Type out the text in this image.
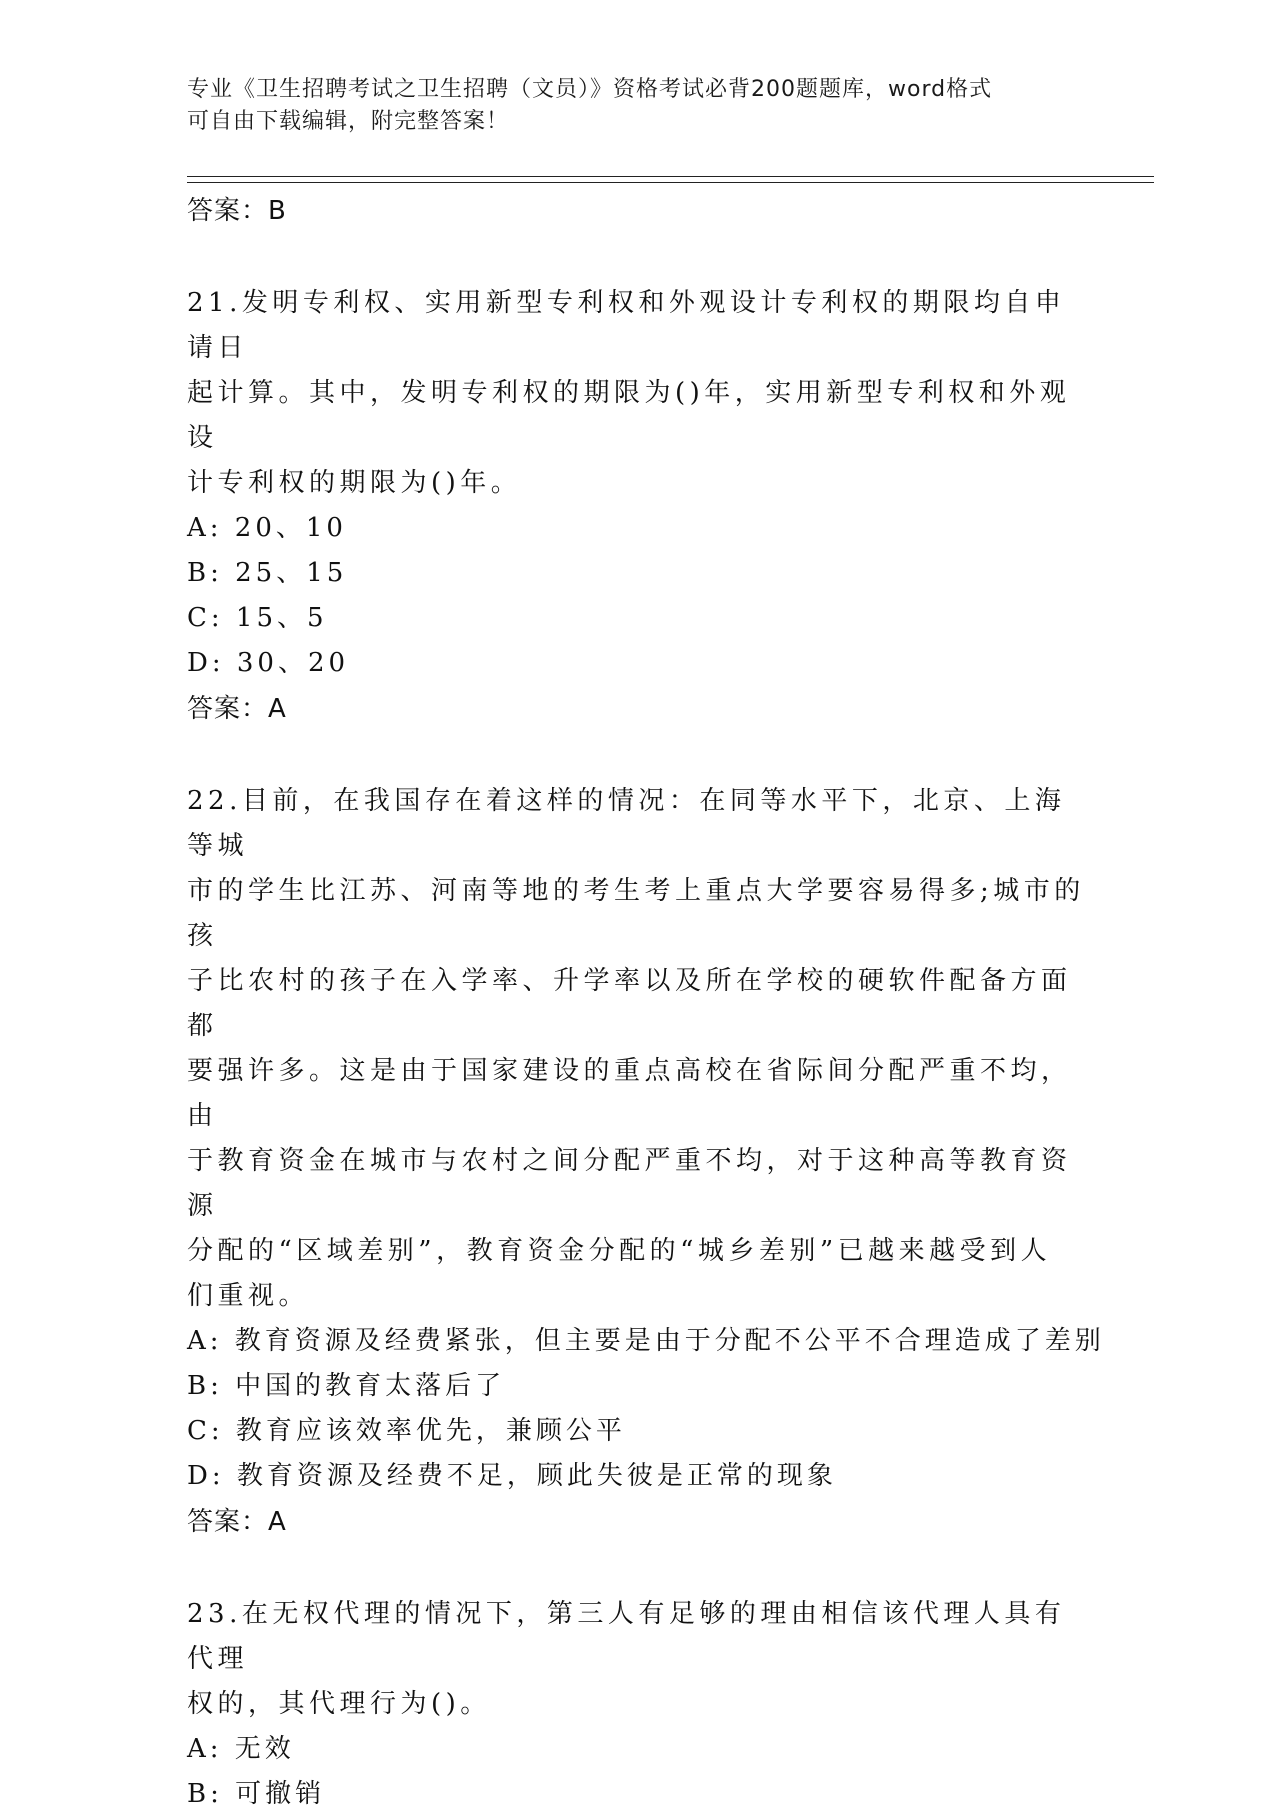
专业《卫生招聘考试之卫生招聘（文员）》资格考试必背200题题库，word格式
可自由下载编辑，附完整答案！
答案：B
21.发明专利权、实用新型专利权和外观设计专利权的期限均自申请日
起计算。其中，发明专利权的期限为()年，实用新型专利权和外观设
计专利权的期限为()年。
A: 20、10
B: 25、15
C: 15、5
D: 30、20
答案：A
22.目前，在我国存在着这样的情况：在同等水平下，北京、上海等城
市的学生比江苏、河南等地的考生考上重点大学要容易得多;城市的孩
子比农村的孩子在入学率、升学率以及所在学校的硬软件配备方面都
要强许多。这是由于国家建设的重点高校在省际间分配严重不均，由
于教育资金在城市与农村之间分配严重不均，对于这种高等教育资源
分配的“区域差别”，教育资金分配的“城乡差别”已越来越受到人
们重视。
A: 教育资源及经费紧张，但主要是由于分配不公平不合理造成了差别
B: 中国的教育太落后了
C: 教育应该效率优先，兼顾公平
D: 教育资源及经费不足，顾此失彼是正常的现象
答案：A
23.在无权代理的情况下，第三人有足够的理由相信该代理人具有代理
权的，其代理行为()。
A: 无效
B: 可撤销
